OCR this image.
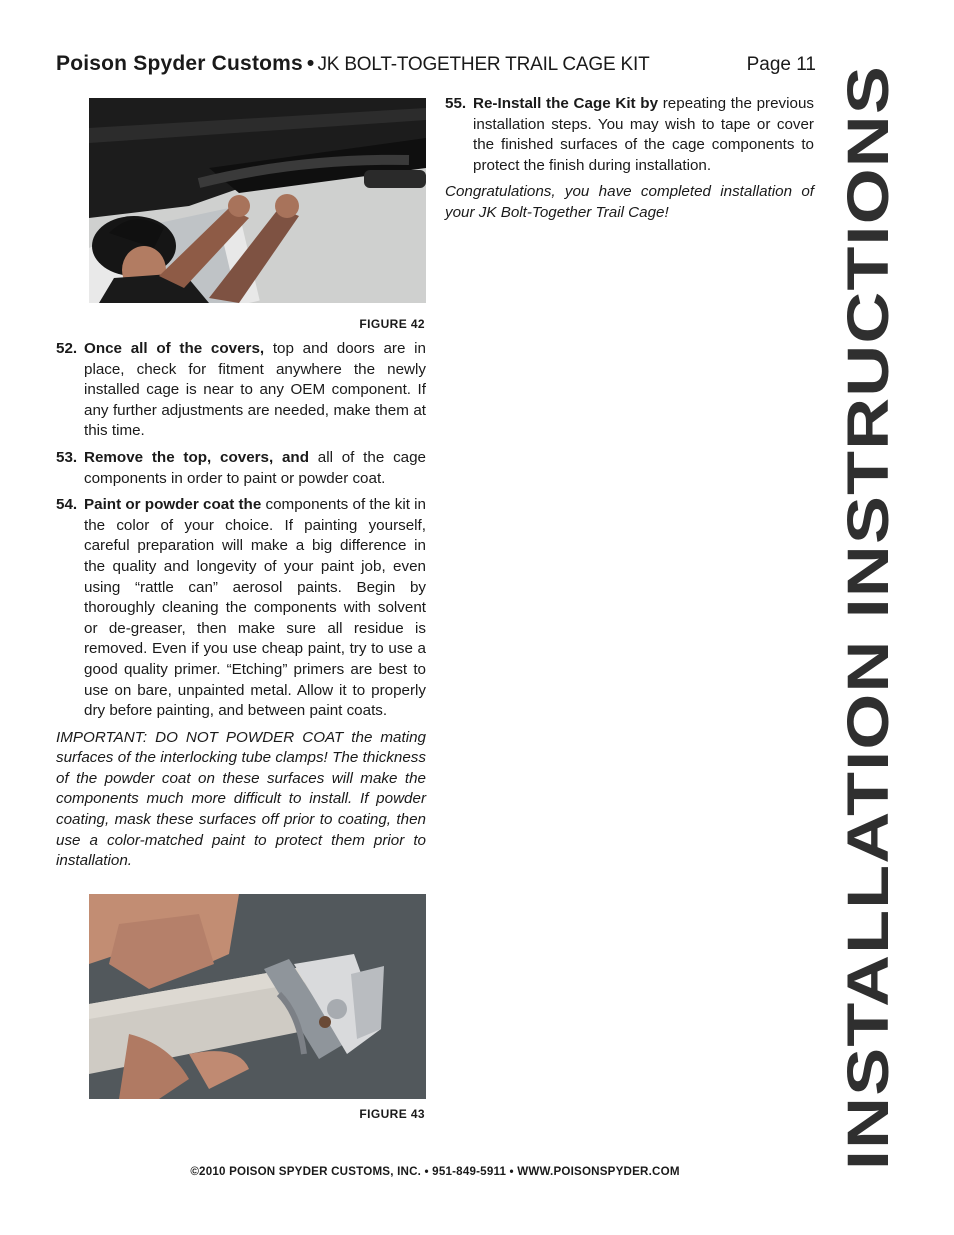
Poison Spyder Customs • JK BOLT-TOGETHER TRAIL CAGE KIT	Page 11
FIGURE 42

52. Once all of the covers, top and doors are in place, check for fitment anywhere the newly installed cage is near to any OEM component. If any further adjustments are needed, make them at this time.

53. Remove the top, covers, and all of the cage components in order to paint or powder coat.

54. Paint or powder coat the components of the kit in the color of your choice. If painting yourself, careful preparation will make a big difference in the quality and longevity of your paint job, even using “rattle can” aerosol paints. Begin by thoroughly cleaning the components with solvent or de-greaser, then make sure all residue is removed. Even if you use cheap paint, try to use a good quality primer. “Etching” primers are best to use on bare, unpainted metal. Allow it to properly dry before painting, and between paint coats.

IMPORTANT: DO NOT POWDER COAT the mating surfaces of the interlocking tube clamps! The thickness of the powder coat on these surfaces will make the components much more difficult to install. If powder coating, mask these surfaces off prior to coating, then use a color-matched paint to protect them prior to installation.

FIGURE 43

55. Re-Install the Cage Kit by repeating the previous installation steps. You may wish to tape or cover the finished surfaces of the cage components to protect the finish during installation.

Congratulations, you have completed installation of your JK Bolt-Together Trail Cage!

INSTALLATION INSTRUCTIONS
©2010 POISON SPYDER CUSTOMS, INC. • 951-849-5911 • WWW.POISONSPYDER.COM
